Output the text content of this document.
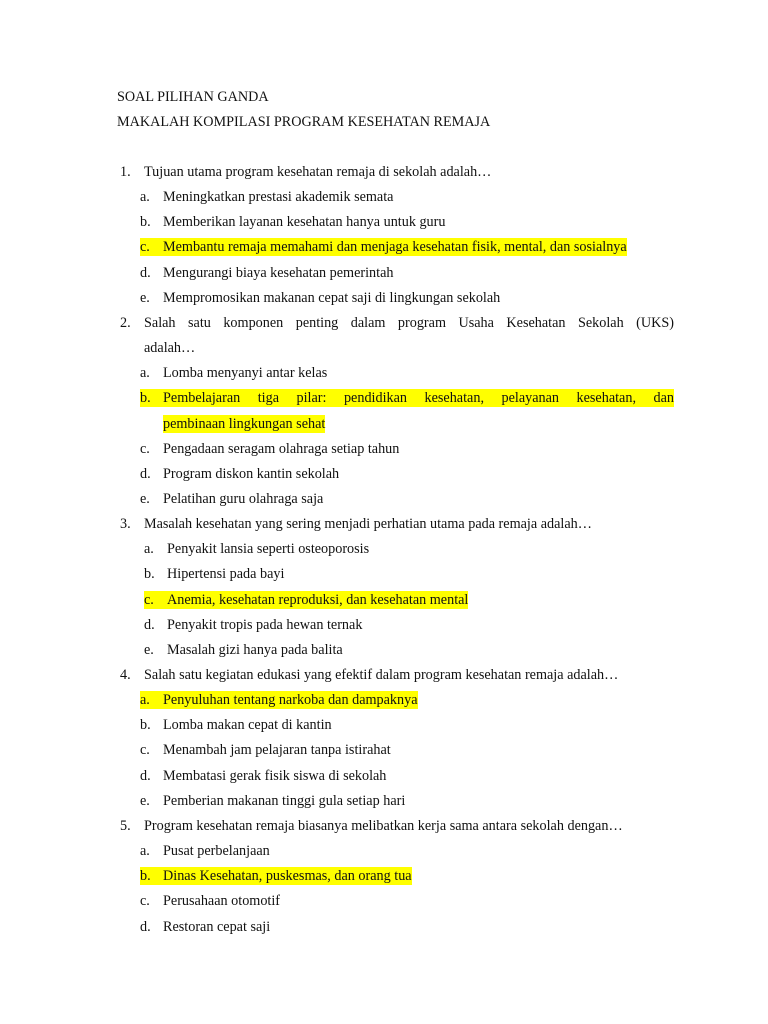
SOAL PILIHAN GANDA
MAKALAH KOMPILASI PROGRAM KESEHATAN REMAJA
1. Tujuan utama program kesehatan remaja di sekolah adalah…
a. Meningkatkan prestasi akademik semata
b. Memberikan layanan kesehatan hanya untuk guru
c. Membantu remaja memahami dan menjaga kesehatan fisik, mental, dan sosialnya
d. Mengurangi biaya kesehatan pemerintah
e. Mempromosikan makanan cepat saji di lingkungan sekolah
2. Salah satu komponen penting dalam program Usaha Kesehatan Sekolah (UKS)
adalah…
a. Lomba menyanyi antar kelas
b. Pembelajaran tiga pilar: pendidikan kesehatan, pelayanan kesehatan, dan
pembinaan lingkungan sehat
c. Pengadaan seragam olahraga setiap tahun
d. Program diskon kantin sekolah
e. Pelatihan guru olahraga saja
3. Masalah kesehatan yang sering menjadi perhatian utama pada remaja adalah…
a. Penyakit lansia seperti osteoporosis
b. Hipertensi pada bayi
c. Anemia, kesehatan reproduksi, dan kesehatan mental
d. Penyakit tropis pada hewan ternak
e. Masalah gizi hanya pada balita
4. Salah satu kegiatan edukasi yang efektif dalam program kesehatan remaja adalah…
a. Penyuluhan tentang narkoba dan dampaknya
b. Lomba makan cepat di kantin
c. Menambah jam pelajaran tanpa istirahat
d. Membatasi gerak fisik siswa di sekolah
e. Pemberian makanan tinggi gula setiap hari
5. Program kesehatan remaja biasanya melibatkan kerja sama antara sekolah dengan…
a. Pusat perbelanjaan
b. Dinas Kesehatan, puskesmas, dan orang tua
c. Perusahaan otomotif
d. Restoran cepat saji
